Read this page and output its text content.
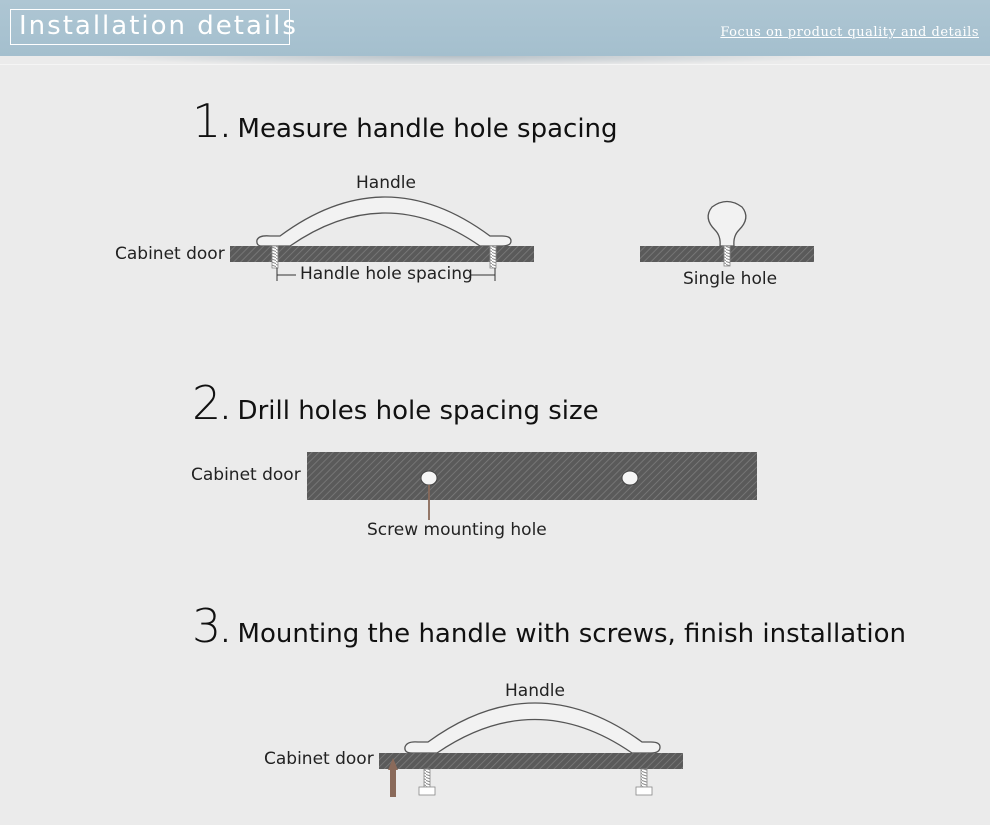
Installation details	Focus on product quality and details
1. Measure handle hole spacing
2. Drill holes hole spacing size
3. Mounting the handle with screws, finish installation
Handle
Cabinet door
Handle hole spacing	Single hole
Cabinet door
Screw mounting hole
Handle
Cabinet door
